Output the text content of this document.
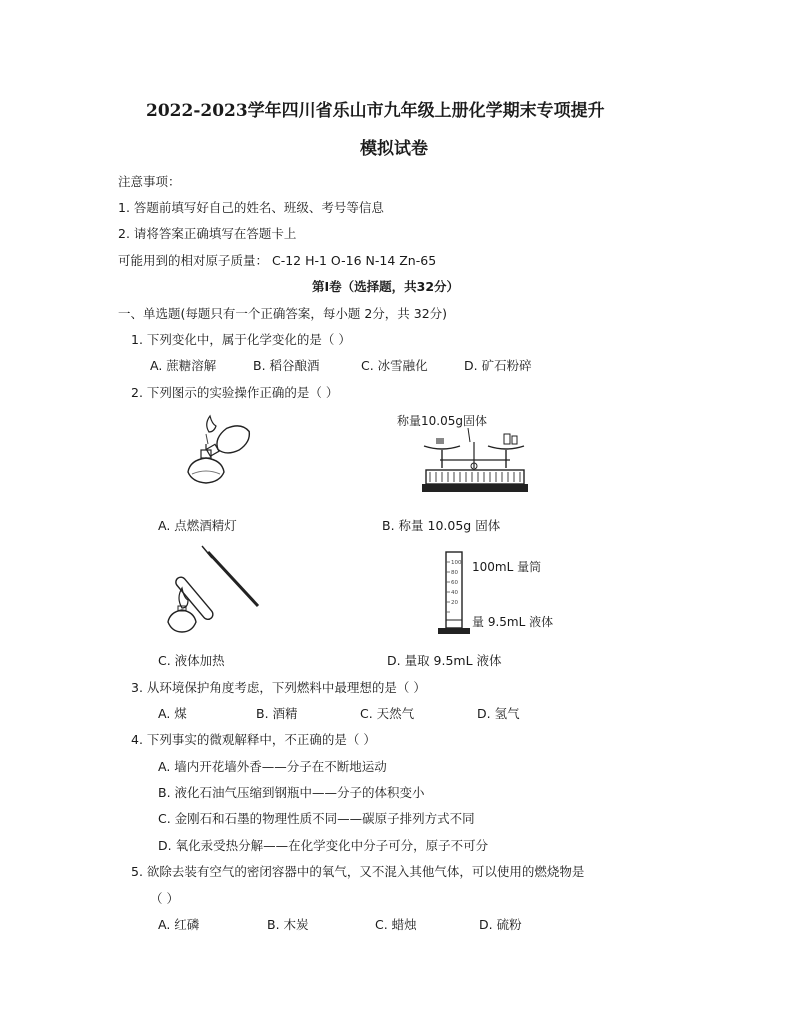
2022-2023学年四川省乐山市九年级上册化学期末专项提升
模拟试卷
注意事项：
1. 答题前填写好自己的姓名、班级、考号等信息
2. 请将答案正确填写在答题卡上
可能用到的相对原子质量： C-12 H-1 O-16 N-14 Zn-65
第Ⅰ卷（选择题，共32分）
一、单选题(每题只有一个正确答案，每小题 2分，共 32分)
1. 下列变化中，属于化学变化的是（ ）
A. 蔗糖溶解	B. 稻谷酿酒	C. 冰雪融化	D. 矿石粉碎
2. 下列图示的实验操作正确的是（ ）
称量10.05g固体
A. 点燃酒精灯	B. 称量 10.05g 固体
100
80
60
40
20
100mL 量筒
量 9.5mL 液体
C. 液体加热	D. 量取 9.5mL 液体
3. 从环境保护角度考虑，下列燃料中最理想的是（ ）
A. 煤	B. 酒精	C. 天然气	D. 氢气
4. 下列事实的微观解释中，不正确的是（ ）
A. 墙内开花墙外香——分子在不断地运动
B. 液化石油气压缩到钢瓶中——分子的体积变小
C. 金刚石和石墨的物理性质不同——碳原子排列方式不同
D. 氧化汞受热分解——在化学变化中分子可分，原子不可分
5. 欲除去装有空气的密闭容器中的氧气，又不混入其他气体，可以使用的燃烧物是
（ ）
A. 红磷	B. 木炭	C. 蜡烛	D. 硫粉
